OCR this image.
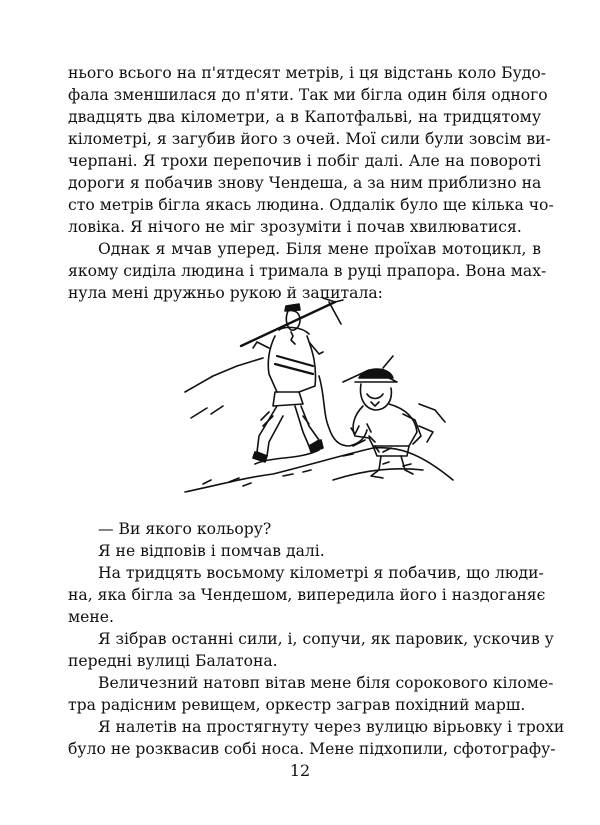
нього всього на п'ятдесят метрів, і ця відстань коло Будо-
фала зменшилася до п'яти. Так ми бігла один біля одного
двадцять два кілометри, а в Капотфальві, на тридцятому
кілометрі, я загубив його з очей. Мої сили були зовсім ви-
черпані. Я трохи перепочив і побіг далі. Але на повороті
дороги я побачив знову Чендеша, а за ним приблизно на
сто метрів бігла якась людина. Оддалік було ще кілька чо-
ловіка. Я нічого не міг зрозуміти і почав хвилюватися.
Однак я мчав уперед. Біля мене проїхав мотоцикл, в
якому сиділа людина і тримала в руці прапора. Вона мах-
нула мені дружньо рукою й запитала:
— Ви якого кольору?
Я не відповів і помчав далі.
На тридцять восьмому кілометрі я побачив, що люди-
на, яка бігла за Чендешом, випередила його і наздоганяє
мене.
Я зібрав останні сили, і, сопучи, як паровик, ускочив у
передні вулиці Балатона.
Величезний натовп вітав мене біля сорокового кіломе-
тра радісним ревищем, оркестр заграв похідний марш.
Я налетів на простягнуту через вулицю вірьовку і трохи
було не розквасив собі носа. Мене підхопили, сфотографу-
12
